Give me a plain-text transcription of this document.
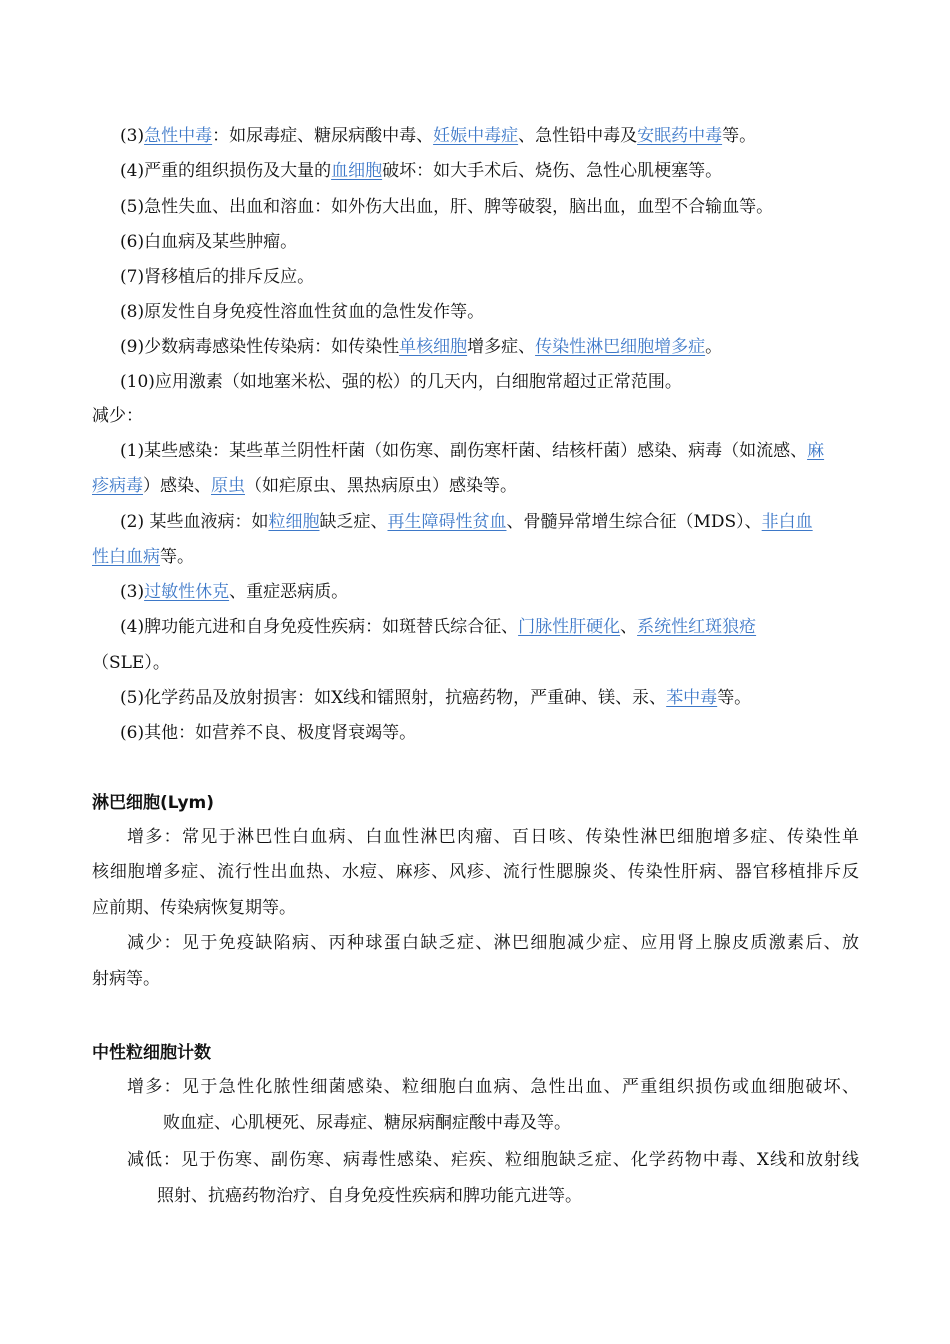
(3)急性中毒：如尿毒症、糖尿病酸中毒、妊娠中毒症、急性铅中毒及安眠药中毒等。
(4)严重的组织损伤及大量的血细胞破坏：如大手术后、烧伤、急性心肌梗塞等。
(5)急性失血、出血和溶血：如外伤大出血，肝、脾等破裂，脑出血，血型不合输血等。
(6)白血病及某些肿瘤。
(7)肾移植后的排斥反应。
(8)原发性自身免疫性溶血性贫血的急性发作等。
(9)少数病毒感染性传染病：如传染性单核细胞增多症、传染性淋巴细胞增多症。
(10)应用激素（如地塞米松、强的松）的几天内，白细胞常超过正常范围。
减少：
(1)某些感染：某些革兰阴性杆菌（如伤寒、副伤寒杆菌、结核杆菌）感染、病毒（如流感、麻
疹病毒）感染、原虫（如疟原虫、黑热病原虫）感染等。
(2) 某些血液病：如粒细胞缺乏症、再生障碍性贫血、骨髓异常增生综合征（MDS）、非白血
性白血病等。
(3)过敏性休克、重症恶病质。
(4)脾功能亢进和自身免疫性疾病：如斑替氏综合征、门脉性肝硬化、系统性红斑狼疮
（SLE）。
(5)化学药品及放射损害：如X线和镭照射，抗癌药物，严重砷、镁、汞、苯中毒等。
(6)其他：如营养不良、极度肾衰竭等。
淋巴细胞(Lym)
增多：常见于淋巴性白血病、白血性淋巴肉瘤、百日咳、传染性淋巴细胞增多症、传染性单
核细胞增多症、流行性出血热、水痘、麻疹、风疹、流行性腮腺炎、传染性肝病、器官移植排斥反
应前期、传染病恢复期等。
减少：见于免疫缺陷病、丙种球蛋白缺乏症、淋巴细胞减少症、应用肾上腺皮质激素后、放
射病等。
中性粒细胞计数
增多：见于急性化脓性细菌感染、粒细胞白血病、急性出血、严重组织损伤或血细胞破坏、
败血症、心肌梗死、尿毒症、糖尿病酮症酸中毒及等。
减低：见于伤寒、副伤寒、病毒性感染、疟疾、粒细胞缺乏症、化学药物中毒、X线和放射线
照射、抗癌药物治疗、自身免疫性疾病和脾功能亢进等。
